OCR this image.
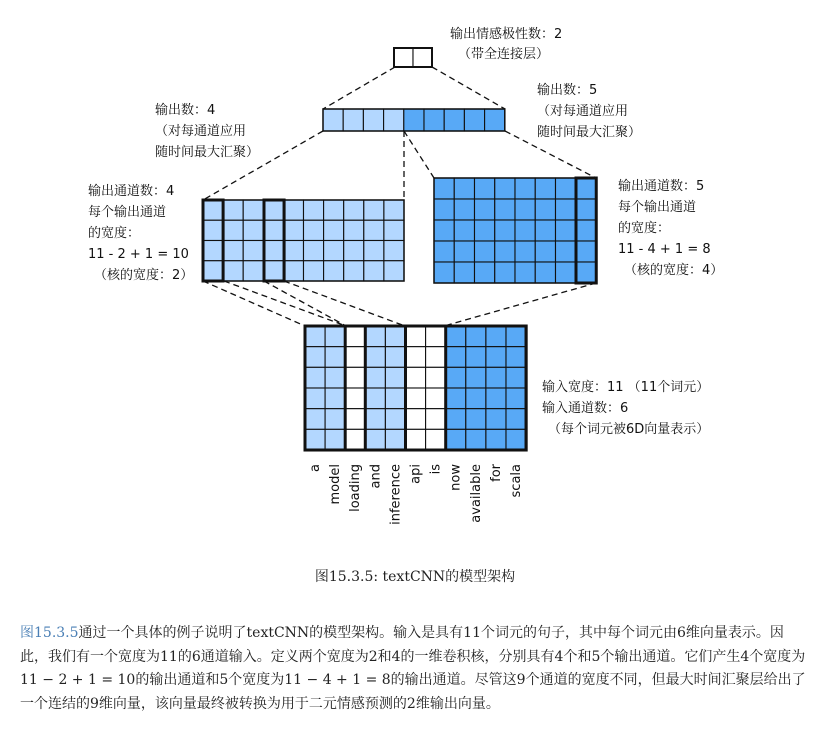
输出情感极性数：2 （带全连接层）
输出数：4 （对每通道应用 随时间最大汇聚）
输出数：5 （对每通道应用 随时间最大汇聚）
输出通道数：4 每个输出通道 的宽度： 11 - 2 + 1 = 10 （核的宽度：2）
输出通道数：5 每个输出通道 的宽度： 11 - 4 + 1 = 8 （核的宽度：4）
输入宽度：11 （11个词元） 输入通道数：6 （每个词元被6D向量表示）
a model loading and inference api is now available for scala
图15.3.5: textCNN的模型架构
图15.3.5通过一个具体的例子说明了textCNN的模型架构。输入是具有11个词元的句子，其中每个词元由6维向量表示。因此，我们有一个宽度为11的6通道输入。定义两个宽度为2和4的一维卷积核，分别具有4个和5个输出通道。它们产生4个宽度为11 − 2 + 1 = 10的输出通道和5个宽度为11 − 4 + 1 = 8的输出通道。尽管这9个通道的宽度不同，但最大时间汇聚层给出了一个连结的9维向量，该向量最终被转换为用于二元情感预测的2维输出向量。
